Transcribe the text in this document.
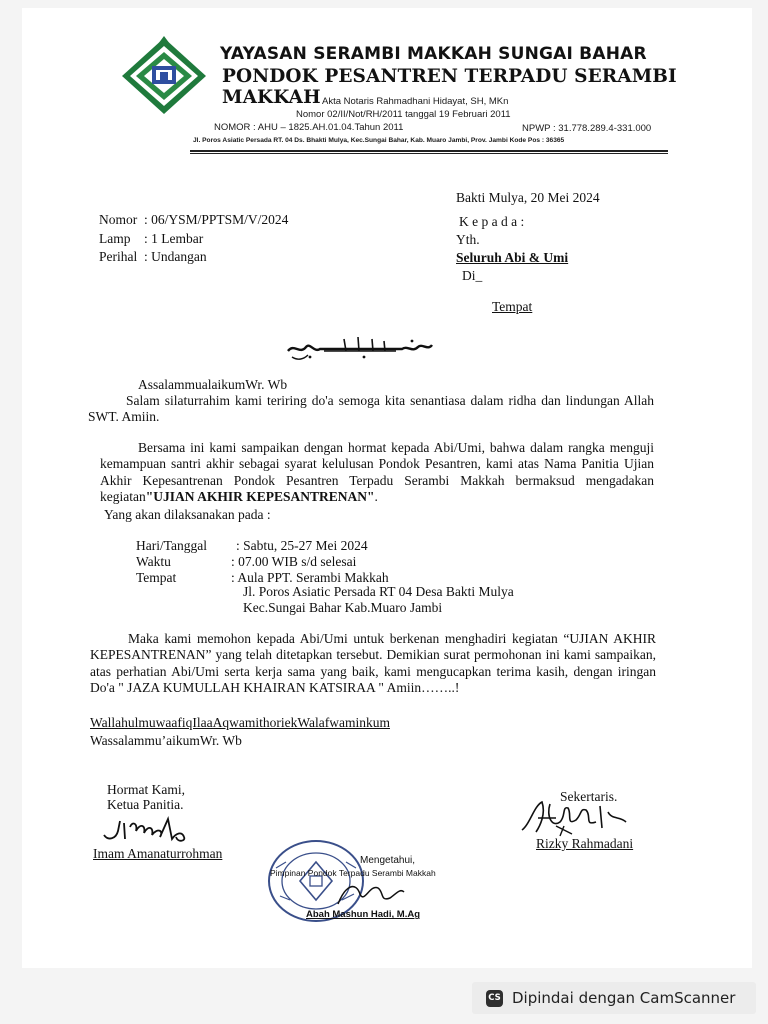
YAYASAN SERAMBI MAKKAH SUNGAI BAHAR
PONDOK PESANTREN TERPADU SERAMBI MAKKAH Akta Notaris Rahmadhani Hidayat, SH, MKn
Nomor 02/II/Not/RH/2011 tanggal 19 Februari 2011
NOMOR : AHU – 1825.AH.01.04.Tahun 2011	NPWP : 31.778.289.4-331.000
Jl. Poros Asiatic Persada RT. 04 Ds. Bhakti Mulya, Kec.Sungai Bahar, Kab. Muaro Jambi, Prov. Jambi Kode Pos : 36365
Bakti Mulya, 20 Mei 2024
K e p a d a :
Yth.
Seluruh Abi & Umi
Di_
Tempat
Nomor : 06/YSM/PPTSM/V/2024
Lamp : 1 Lembar
Perihal : Undangan
AssalammualaikumWr. Wb
Salam silaturrahim kami teriring do'a semoga kita senantiasa dalam ridha dan lindungan Allah SWT. Amiin.
Bersama ini kami sampaikan dengan hormat kepada Abi/Umi, bahwa dalam rangka menguji kemampuan santri akhir sebagai syarat kelulusan Pondok Pesantren, kami atas Nama Panitia Ujian Akhir Kepesantrenan Pondok Pesantren Terpadu Serambi Makkah bermaksud mengadakan kegiatan"UJIAN AKHIR KEPESANTRENAN".
Yang akan dilaksanakan pada :
Hari/Tanggal : Sabtu, 25-27 Mei 2024
Waktu	: 07.00 WIB s/d selesai
Tempat	: Aula PPT. Serambi Makkah
Jl. Poros Asiatic Persada RT 04 Desa Bakti Mulya
Kec.Sungai Bahar Kab.Muaro Jambi
Maka kami memohon kepada Abi/Umi untuk berkenan menghadiri kegiatan “UJIAN AKHIR KEPESANTRENAN” yang telah ditetapkan tersebut. Demikian surat permohonan ini kami sampaikan, atas perhatian Abi/Umi serta kerja sama yang baik, kami mengucapkan terima kasih, dengan iringan Do'a " JAZA KUMULLAH KHAIRAN KATSIRAA " Amiin……..!
WallahulmuwaafiqIlaaAqwamithoriekWalafwaminkum
Wassalammu’aikumWr. Wb
Hormat Kami,
Ketua Panitia.
Imam Amanaturrohman
Sekertaris.
Rizky Rahmadani
Mengetahui,
Pimpinan Pondok Terpadu Serambi Makkah
Abah Mashun Hadi, M.Ag
CS Dipindai dengan CamScanner
